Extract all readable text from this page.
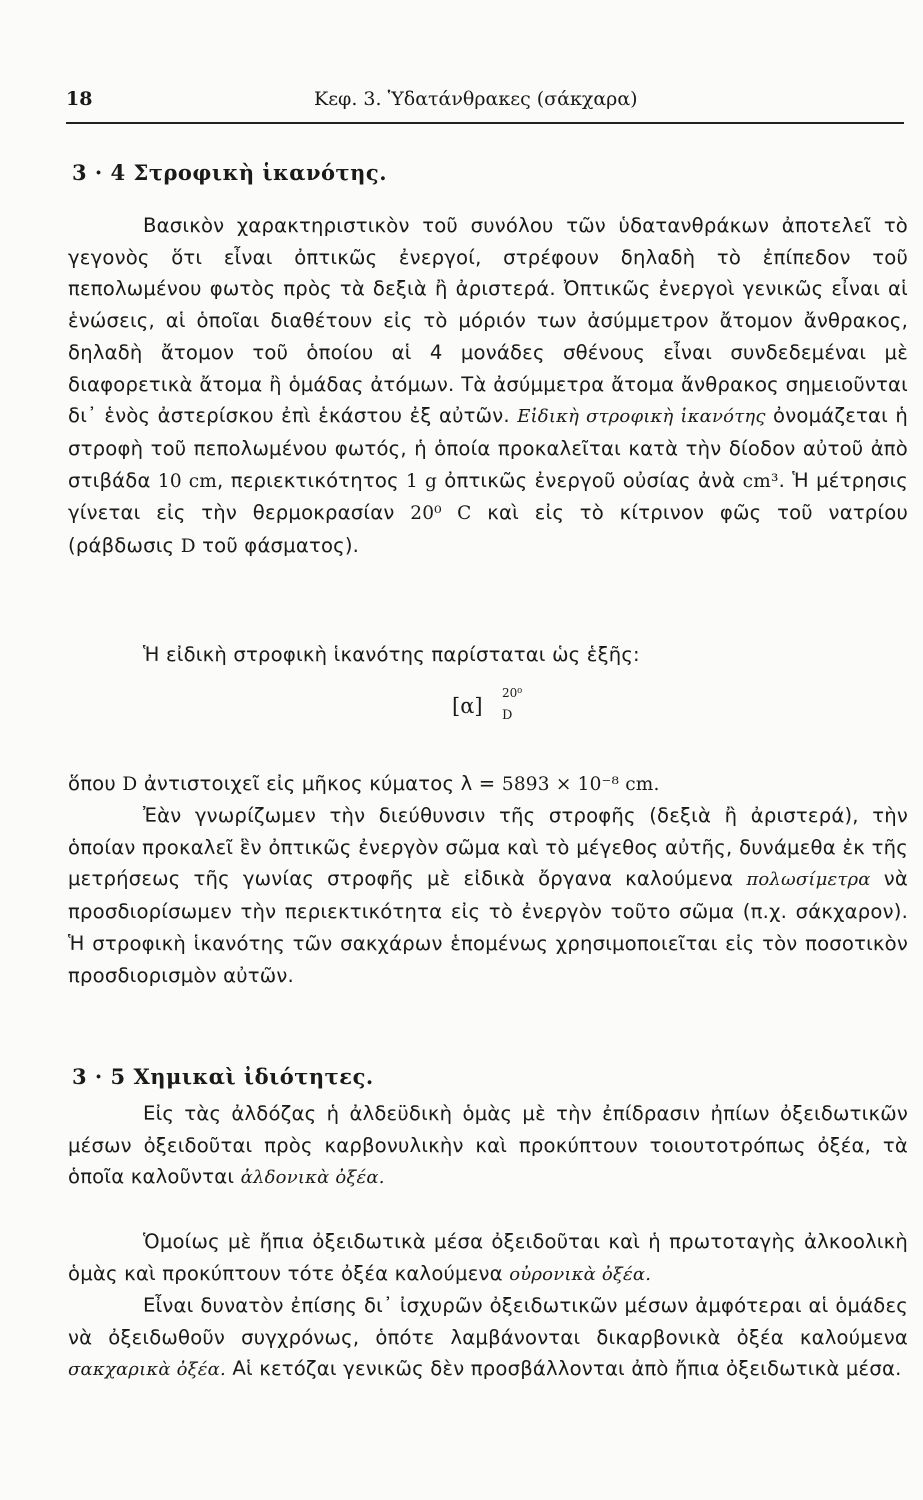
18	Κεφ. 3. Ὑδατάνθρακες (σάκχαρα)
3 · 4 Στροφικὴ ἱκανότης.

Βασικὸν χαρακτηριστικὸν τοῦ συνόλου τῶν ὑδατανθράκων ἀποτελεῖ τὸ γεγονὸς ὅτι εἶναι ὀπτικῶς ἐνεργοί, στρέφουν δηλαδὴ τὸ ἐπίπεδον τοῦ πεπολωμένου φωτὸς πρὸς τὰ δεξιὰ ἢ ἀριστερά. Ὀπτικῶς ἐνεργοὶ γενικῶς εἶναι αἱ ἑνώσεις, αἱ ὁποῖαι διαθέτουν εἰς τὸ μόριόν των ἀσύμμετρον ἄτομον ἄνθρακος, δηλαδὴ ἄτομον τοῦ ὁποίου αἱ 4 μονάδες σθένους εἶναι συνδεδεμέναι μὲ διαφορετικὰ ἄτομα ἢ ὁμάδας ἀτόμων. Τὰ ἀσύμμετρα ἄτομα ἄνθρακος σημειοῦνται δι᾽ ἑνὸς ἀστερίσκου ἐπὶ ἑκάστου ἐξ αὐτῶν. Εἰδικὴ στροφικὴ ἱκανότης ὀνομάζεται ἡ στροφὴ τοῦ πεπολωμένου φωτός, ἡ ὁποία προκαλεῖται κατὰ τὴν δίοδον αὐτοῦ ἀπὸ στιβάδα 10 cm, περιεκτικότητος 1 g ὀπτικῶς ἐνεργοῦ οὐσίας ἀνὰ cm³. Ἡ μέτρησις γίνεται εἰς τὴν θερμοκρασίαν 20⁰ C καὶ εἰς τὸ κίτρινον φῶς τοῦ νατρίου (ράβδωσις D τοῦ φάσματος).

Ἡ εἰδικὴ στροφικὴ ἱκανότης παρίσταται ὡς ἑξῆς:

[α]
20⁰
D

ὅπου D ἀντιστοιχεῖ εἰς μῆκος κύματος λ = 5893 × 10⁻⁸ cm.

Ἐὰν γνωρίζωμεν τὴν διεύθυνσιν τῆς στροφῆς (δεξιὰ ἢ ἀριστερά), τὴν ὁποίαν προκαλεῖ ἓν ὀπτικῶς ἐνεργὸν σῶμα καὶ τὸ μέγεθος αὐτῆς, δυνάμεθα ἐκ τῆς μετρήσεως τῆς γωνίας στροφῆς μὲ εἰδικὰ ὄργανα καλούμενα πολωσίμετρα νὰ προσδιορίσωμεν τὴν περιεκτικότητα εἰς τὸ ἐνεργὸν τοῦτο σῶμα (π.χ. σάκχαρον). Ἡ στροφικὴ ἱκανότης τῶν σακχάρων ἑπομένως χρησιμοποιεῖται εἰς τὸν ποσοτικὸν προσδιορισμὸν αὐτῶν.

3 · 5 Χημικαὶ ἰδιότητες.

Εἰς τὰς ἀλδόζας ἡ ἀλδεϋδικὴ ὁμὰς μὲ τὴν ἐπίδρασιν ἠπίων ὀξειδωτικῶν μέσων ὀξειδοῦται πρὸς καρβονυλικὴν καὶ προκύπτουν τοιουτοτρόπως ὀξέα, τὰ ὁποῖα καλοῦνται ἀλδονικὰ ὀξέα.

Ὁμοίως μὲ ἤπια ὀξειδωτικὰ μέσα ὀξειδοῦται καὶ ἡ πρωτοταγὴς ἀλκοολικὴ ὁμὰς καὶ προκύπτουν τότε ὀξέα καλούμενα οὐρονικὰ ὀξέα.

Εἶναι δυνατὸν ἐπίσης δι᾽ ἰσχυρῶν ὀξειδωτικῶν μέσων ἀμφότεραι αἱ ὁμάδες νὰ ὀξειδωθοῦν συγχρόνως, ὁπότε λαμβάνονται δικαρβονικὰ ὀξέα καλούμενα σακχαρικὰ ὀξέα. Αἱ κετόζαι γενικῶς δὲν προσβάλλονται ἀπὸ ἤπια ὀξειδωτικὰ μέσα.
